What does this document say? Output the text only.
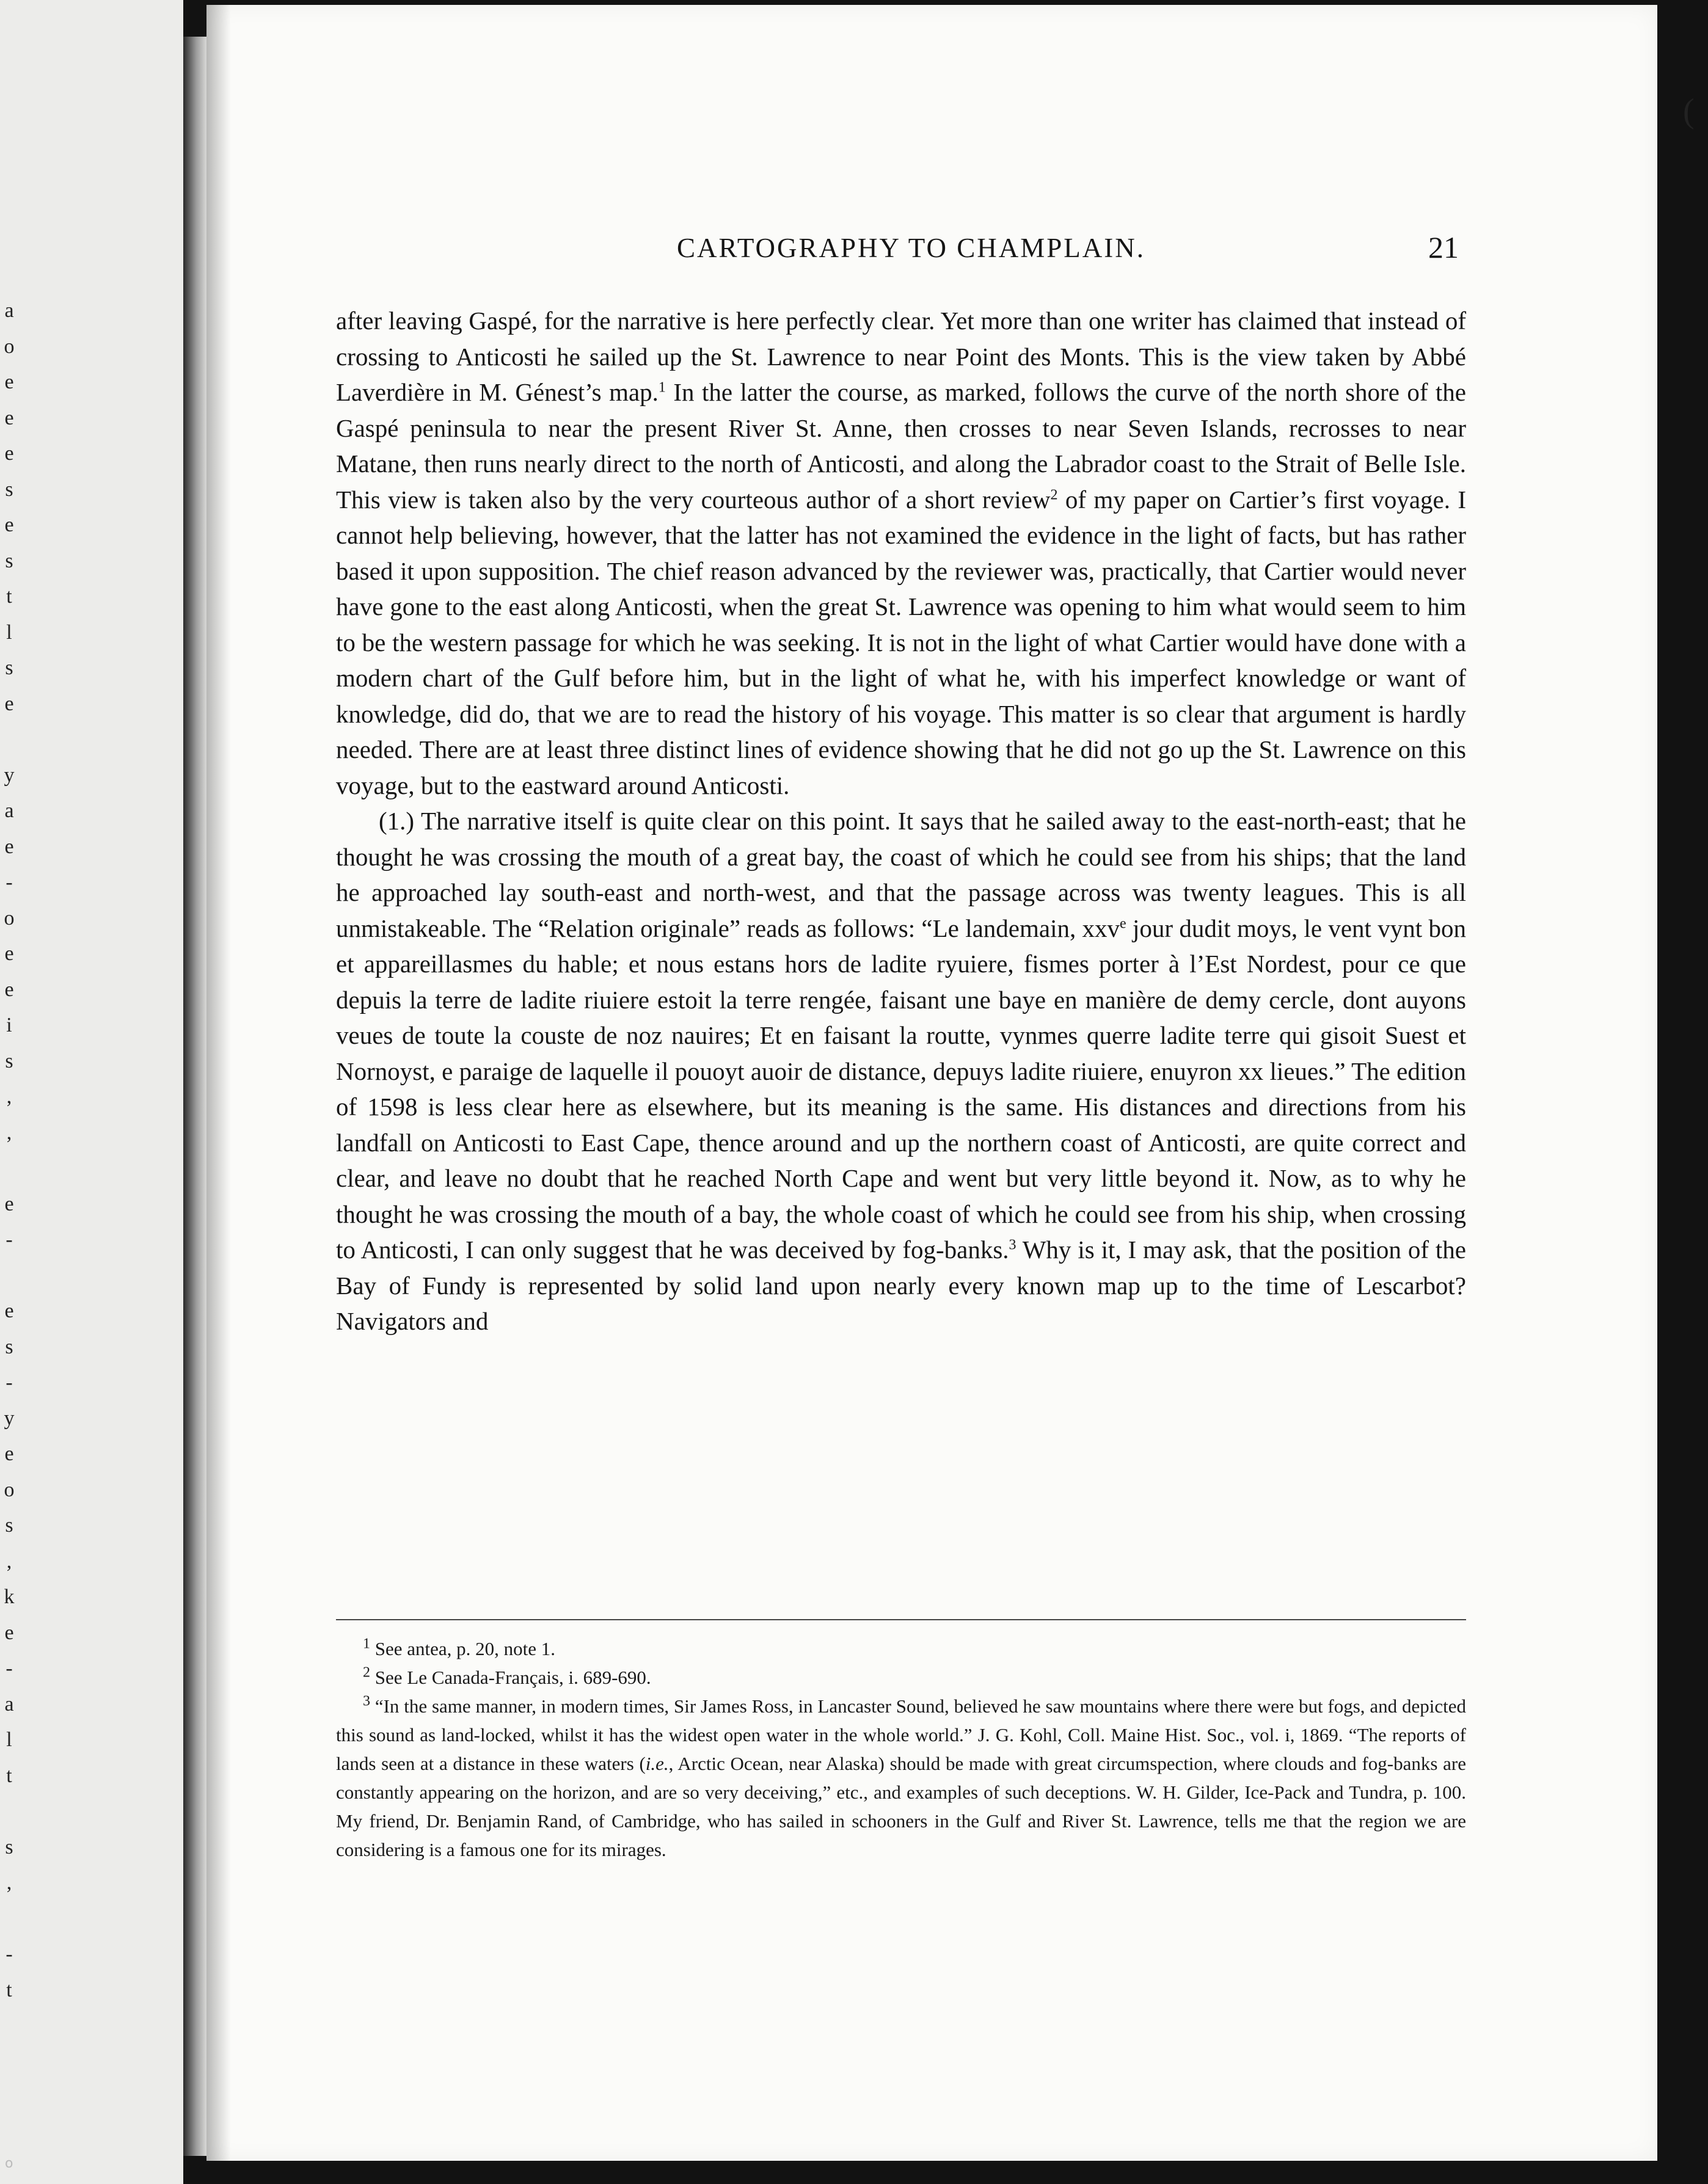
a
o
e
e
e
s
e
s
t
l
s
e
y
a
e
-
o
e
e
i
s
,
,
e
-
e
s
-
y
e
o
s
,
k
e
-
a
l
t
s
,
-
t
CARTOGRAPHY TO CHAMPLAIN.	21

after leaving Gaspé, for the narrative is here perfectly clear. Yet more than one writer has claimed that instead of crossing to Anticosti he sailed up the St. Lawrence to near Point des Monts. This is the view taken by Abbé Laverdière in M. Génest’s map.$^1$ In the latter the course, as marked, follows the curve of the north shore of the Gaspé peninsula to near the present River St. Anne, then crosses to near Seven Islands, recrosses to near Matane, then runs nearly direct to the north of Anticosti, and along the Labrador coast to the Strait of Belle Isle. This view is taken also by the very courteous author of a short review$^2$ of my paper on Cartier’s first voyage. I cannot help believing, however, that the latter has not examined the evidence in the light of facts, but has rather based it upon supposition. The chief reason advanced by the reviewer was, practically, that Cartier would never have gone to the east along Anticosti, when the great St. Lawrence was opening to him what would seem to him to be the western passage for which he was seeking. It is not in the light of what Cartier would have done with a modern chart of the Gulf before him, but in the light of what he, with his imperfect knowledge or want of knowledge, did do, that we are to read the history of his voyage. This matter is so clear that argument is hardly needed. There are at least three distinct lines of evidence showing that he did not go up the St. Lawrence on this voyage, but to the eastward around Anticosti.

(1.) The narrative itself is quite clear on this point. It says that he sailed away to the east-north-east; that he thought he was crossing the mouth of a great bay, the coast of which he could see from his ships; that the land he approached lay south-east and north-west, and that the passage across was twenty leagues. This is all unmistakeable. The “Relation originale” reads as follows: “Le landemain, xxv$^e$ jour dudit moys, le vent vynt bon et appareillasmes du hable; et nous estans hors de ladite ryuiere, fismes porter à l’Est Nordest, pour ce que depuis la terre de ladite riuiere estoit la terre rengée, faisant une baye en manière de demy cercle, dont auyons veues de toute la couste de noz nauires; Et en faisant la routte, vynmes querre ladite terre qui gisoit Suest et Nornoyst, e paraige de laquelle il pouoyt auoir de distance, depuys ladite riuiere, enuyron xx lieues.” The edition of 1598 is less clear here as elsewhere, but its meaning is the same. His distances and directions from his landfall on Anticosti to East Cape, thence around and up the northern coast of Anticosti, are quite correct and clear, and leave no doubt that he reached North Cape and went but very little beyond it. Now, as to why he thought he was crossing the mouth of a bay, the whole coast of which he could see from his ship, when crossing to Anticosti, I can only suggest that he was deceived by fog-banks.$^3$ Why is it, I may ask, that the position of the Bay of Fundy is represented by solid land upon nearly every known map up to the time of Lescarbot? Navigators and

$^1$ See antea, p. 20, note 1.

$^2$ See Le Canada-Français, i. 689-690.

$^3$ “In the same manner, in modern times, Sir James Ross, in Lancaster Sound, believed he saw mountains where there were but fogs, and depicted this sound as land-locked, whilst it has the widest open water in the whole world.” J. G. Kohl, Coll. Maine Hist. Soc., vol. i, 1869. “The reports of lands seen at a distance in these waters (i.e., Arctic Ocean, near Alaska) should be made with great circumspection, where clouds and fog-banks are constantly appearing on the horizon, and are so very deceiving,” etc., and examples of such deceptions. W. H. Gilder, Ice-Pack and Tundra, p. 100. My friend, Dr. Benjamin Rand, of Cambridge, who has sailed in schooners in the Gulf and River St. Lawrence, tells me that the region we are considering is a famous one for its mirages.

(
o
